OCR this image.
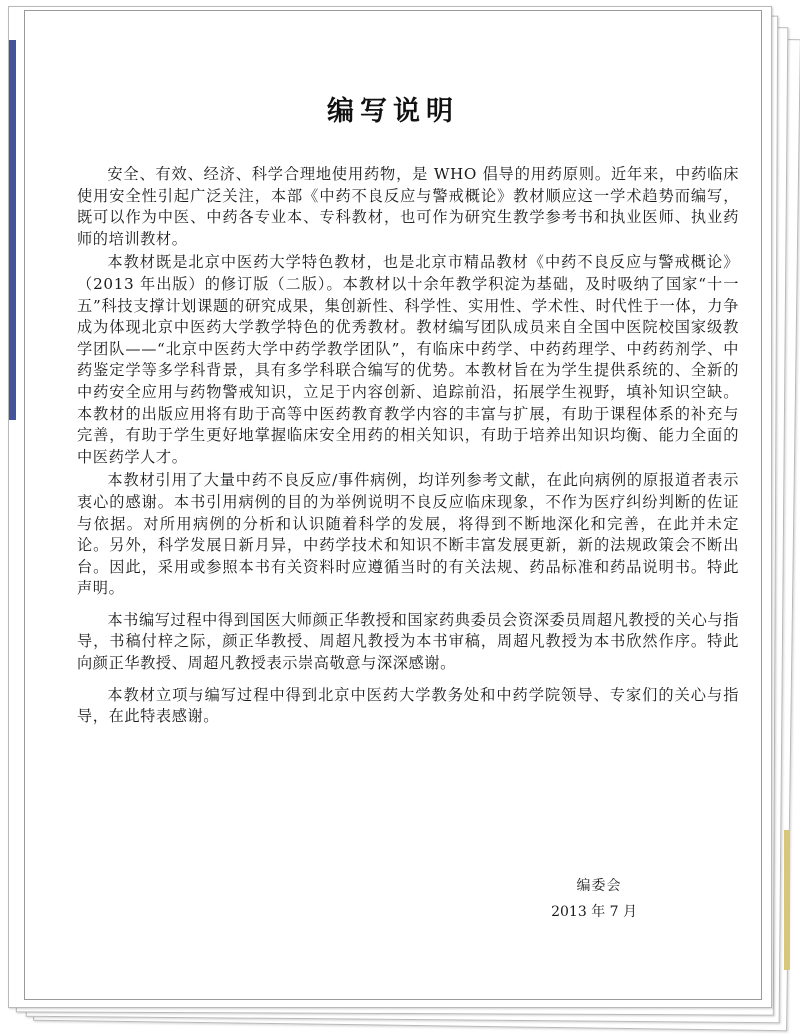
编写说明

安全、有效、经济、科学合理地使用药物，是 WHO 倡导的用药原则。近年来，中药临床使用安全性引起广泛关注，本部《中药不良反应与警戒概论》教材顺应这一学术趋势而编写，既可以作为中医、中药各专业本、专科教材，也可作为研究生教学参考书和执业医师、执业药师的培训教材。

本教材既是北京中医药大学特色教材，也是北京市精品教材《中药不良反应与警戒概论》（2013 年出版）的修订版（二版）。本教材以十余年教学积淀为基础，及时吸纳了国家“十一五”科技支撑计划课题的研究成果，集创新性、科学性、实用性、学术性、时代性于一体，力争成为体现北京中医药大学教学特色的优秀教材。教材编写团队成员来自全国中医院校国家级教学团队——“北京中医药大学中药学教学团队”，有临床中药学、中药药理学、中药药剂学、中药鉴定学等多学科背景，具有多学科联合编写的优势。本教材旨在为学生提供系统的、全新的中药安全应用与药物警戒知识，立足于内容创新、追踪前沿，拓展学生视野，填补知识空缺。本教材的出版应用将有助于高等中医药教育教学内容的丰富与扩展，有助于课程体系的补充与完善，有助于学生更好地掌握临床安全用药的相关知识，有助于培养出知识均衡、能力全面的中医药学人才。

本教材引用了大量中药不良反应/事件病例，均详列参考文献，在此向病例的原报道者表示衷心的感谢。本书引用病例的目的为举例说明不良反应临床现象，不作为医疗纠纷判断的佐证与依据。对所用病例的分析和认识随着科学的发展，将得到不断地深化和完善，在此并未定论。另外，科学发展日新月异，中药学技术和知识不断丰富发展更新，新的法规政策会不断出台。因此，采用或参照本书有关资料时应遵循当时的有关法规、药品标准和药品说明书。特此声明。

本书编写过程中得到国医大师颜正华教授和国家药典委员会资深委员周超凡教授的关心与指导，书稿付梓之际，颜正华教授、周超凡教授为本书审稿，周超凡教授为本书欣然作序。特此向颜正华教授、周超凡教授表示崇高敬意与深深感谢。

本教材立项与编写过程中得到北京中医药大学教务处和中药学院领导、专家们的关心与指导，在此特表感谢。

编委会
2013 年 7 月
